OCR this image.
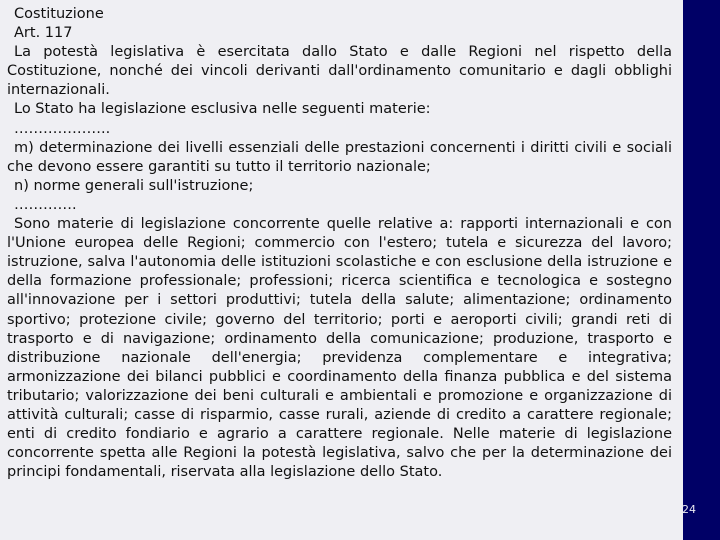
Costituzione

Art. 117

La potestà legislativa è esercitata dallo Stato e dalle Regioni nel rispetto della Costituzione, nonché dei vincoli derivanti dall'ordinamento comunitario e dagli obblighi internazionali.

Lo Stato ha legislazione esclusiva nelle seguenti materie:

………………..

m) determinazione dei livelli essenziali delle prestazioni concernenti i diritti civili e sociali che devono essere garantiti su tutto il territorio nazionale;

n) norme generali sull'istruzione;

………….

Sono materie di legislazione concorrente quelle relative a: rapporti internazionali e con l'Unione europea delle Regioni; commercio con l'estero; tutela e sicurezza del lavoro; istruzione, salva l'autonomia delle istituzioni scolastiche e con esclusione della istruzione e della formazione professionale; professioni; ricerca scientifica e tecnologica e sostegno all'innovazione per i settori produttivi; tutela della salute; alimentazione; ordinamento sportivo; protezione civile; governo del territorio; porti e aeroporti civili; grandi reti di trasporto e di navigazione; ordinamento della comunicazione; produzione, trasporto e distribuzione nazionale dell'energia; previdenza complementare e integrativa; armonizzazione dei bilanci pubblici e coordinamento della finanza pubblica e del sistema tributario; valorizzazione dei beni culturali e ambientali e promozione e organizzazione di attività culturali; casse di risparmio, casse rurali, aziende di credito a carattere regionale; enti di credito fondiario e agrario a carattere regionale. Nelle materie di legislazione concorrente spetta alle Regioni la potestà legislativa, salvo che per la determinazione dei principi fondamentali, riservata alla legislazione dello Stato.

24
